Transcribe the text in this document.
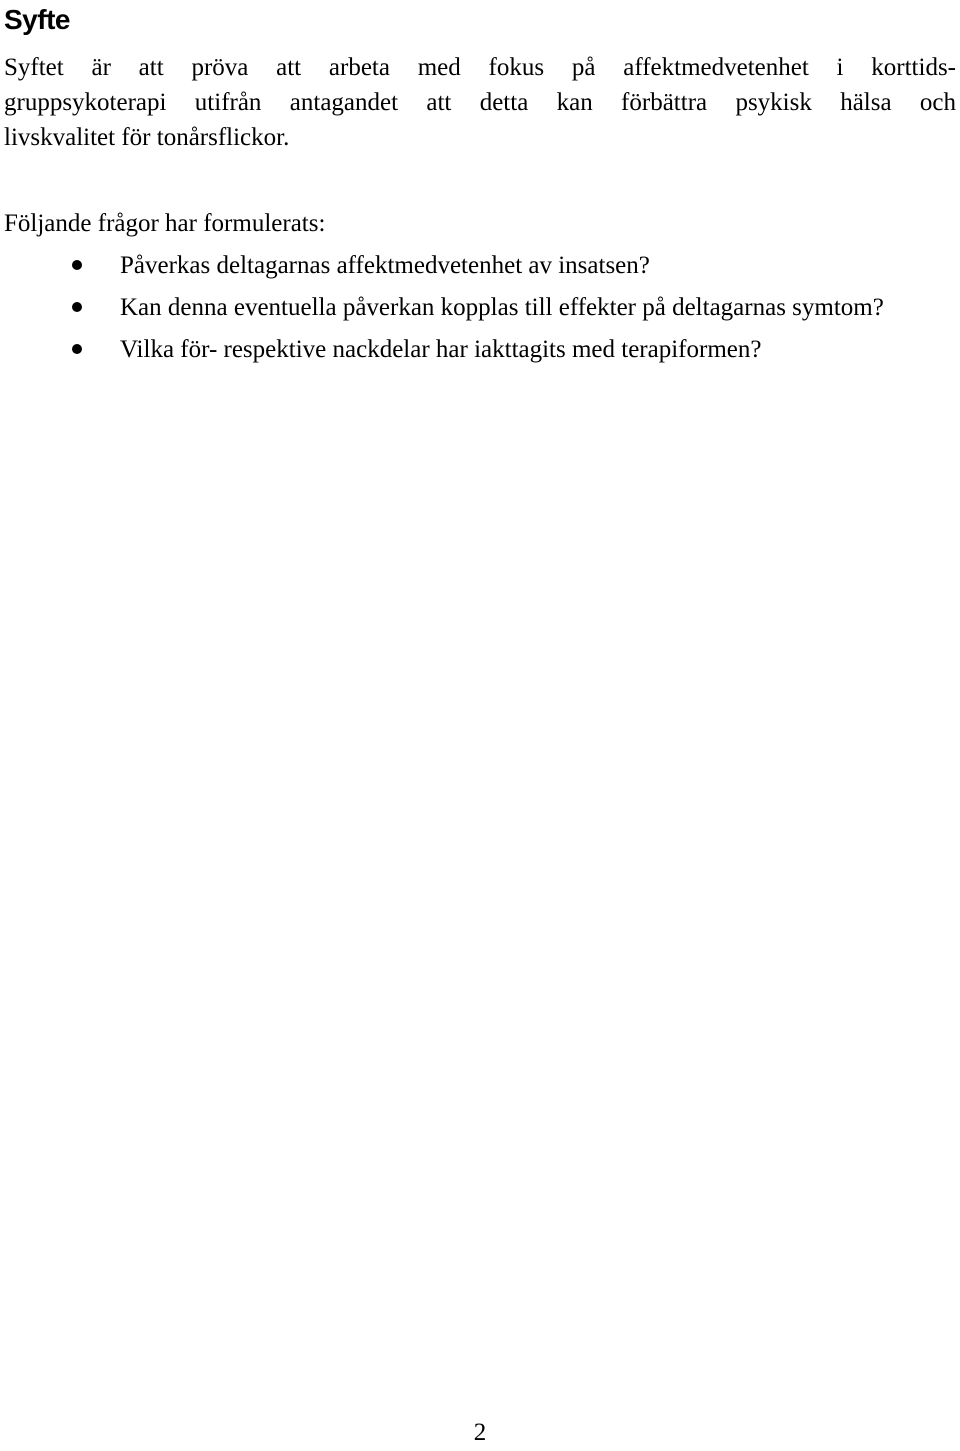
Syfte

Syftet är att pröva att arbeta med fokus på affektmedvetenhet i korttids-
gruppsykoterapi utifrån antagandet att detta kan förbättra psykisk hälsa och
livskvalitet för tonårsflickor.

Följande frågor har formulerats:

Påverkas deltagarnas affektmedvetenhet av insatsen?
Kan denna eventuella påverkan kopplas till effekter på deltagarnas symtom?
Vilka för- respektive nackdelar har iakttagits med terapiformen?
2
